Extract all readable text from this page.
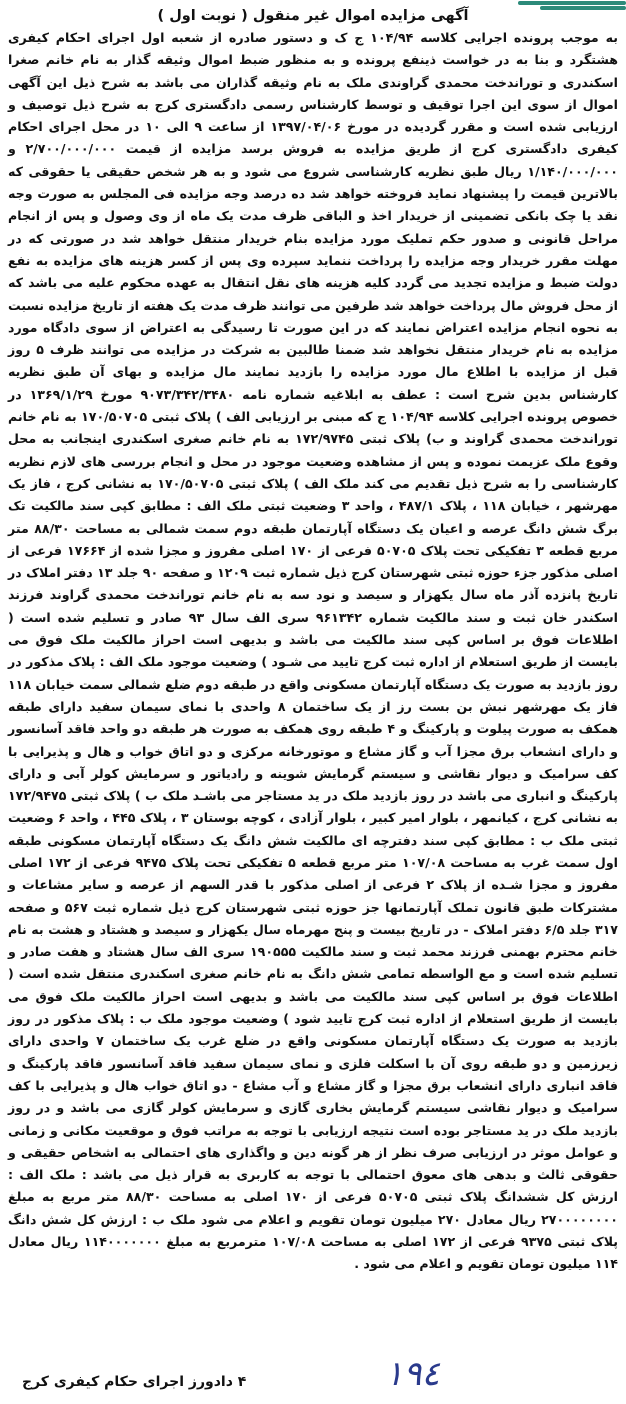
آگهی مزایده اموال غیر منقول ( نوبت اول )

به موجب پرونده اجرایی کلاسه ۱۰۴/۹۴ ج ک و دستور صادره از شعبه اول اجرای احکام کیفری هشتگرد و بنا به در خواست ذینفع پرونده و به منظور ضبط اموال وثیقه گذار به نام خانم صغرا اسکندری و توراندخت محمدی گراوندی ملک به نام وثیقه گذاران می باشد به شرح ذیل این آگهی اموال از سوی این اجرا توقیف و توسط کارشناس رسمی دادگستری کرج به شرح ذیل توصیف و ارزیابی شده است و مقرر گردیده در مورخ ۱۳۹۷/۰۴/۰۶ از ساعت ۹ الی ۱۰ در محل اجرای احکام کیفری دادگستری کرج از طریق مزایده به فروش برسد مزایده از قیمت ۲/۷۰۰/۰۰۰/۰۰۰ و ۱/۱۴۰/۰۰۰/۰۰۰ ریال طبق نظریه کارشناسی شروع می شود و به هر شخص حقیقی یا حقوقی که بالاترین قیمت را پیشنهاد نماید فروخته خواهد شد ده درصد وجه مزایده فی المجلس به صورت وجه نقد یا چک بانکی تضمینی از خریدار اخذ و الباقی ظرف مدت یک ماه از وی وصول و پس از انجام مراحل قانونی و صدور حکم تملیک مورد مزایده بنام خریدار منتقل خواهد شد در صورتی که در مهلت مقرر خریدار وجه مزایده را پرداخت ننماید سپرده وی پس از کسر هزینه های مزایده به نفع دولت ضبط و مزایده تجدید می گردد کلیه هزینه های نقل انتقال به عهده محکوم علیه می باشد که از محل فروش مال پرداخت خواهد شد طرفین می توانند ظرف مدت یک هفته از تاریخ مزایده نسبت به نحوه انجام مزایده اعتراض نمایند که در این صورت تا رسیدگی به اعتراض از سوی دادگاه مورد مزایده به نام خریدار منتقل نخواهد شد ضمنا طالبین به شرکت در مزایده می توانند ظرف ۵ روز قبل از مزایده با اطلاع مال مورد مزایده را بازدید نمایند مال مزایده و بهای آن طبق نظریه کارشناس بدین شرح است : عطف به ابلاغیه شماره نامه ۹۰۷۳/۳۴۲/۳۴۸۰ مورخ ۱۳۶۹/۱/۲۹ در خصوص پرونده اجرایی کلاسه ۱۰۴/۹۴ ج که مبنی بر ارزیابی الف ) پلاک ثبتی ۱۷۰/۵۰۷۰۵ به نام خانم توراندخت محمدی گراوند و ب) پلاک ثبتی ۱۷۲/۹۷۴۵ به نام خانم صغری اسکندری اینجانب به محل وقوع ملک عزیمت نموده و پس از مشاهده وضعیت موجود در محل و انجام بررسی های لازم نظریه کارشناسی را به شرح ذیل تقدیم می کند ملک الف ) پلاک ثبتی ۱۷۰/۵۰۷۰۵ به نشانی کرج ، فاز یک مهرشهر ، خیابان ۱۱۸ ، پلاک ۴۸۷/۱ ، واحد ۳ وضعیت ثبتی ملک الف : مطابق کپی سند مالکیت تک برگ شش دانگ عرصه و اعیان یک دستگاه آپارتمان طبقه دوم سمت شمالی به مساحت ۸۸/۳۰ متر مربع قطعه ۳ تفکیکی تحت پلاک ۵۰۷۰۵ فرعی از ۱۷۰ اصلی مفروز و مجزا شده از ۱۷۶۶۴ فرعی از اصلی مذکور جزء حوزه ثبتی شهرستان کرج ذیل شماره ثبت ۱۲۰۹ و صفحه ۹۰ جلد ۱۳ دفتر املاک در تاریخ پانزده آذر ماه سال یکهزار و سیصد و نود سه به نام خانم توراندخت محمدی گراوند فرزند اسکندر خان ثبت و سند مالکیت شماره ۹۶۱۳۴۲ سری الف سال ۹۳ صادر و تسلیم شده است ( اطلاعات فوق بر اساس کپی سند مالکیت می باشد و بدیهی است احراز مالکیت ملک فوق می بایست از طریق استعلام از اداره ثبت کرج تایید می شـود ) وضعیت موجود ملک الف : پلاک مذکور در روز بازدید به صورت یک دستگاه آپارتمان مسکونی واقع در طبقه دوم ضلع شمالی سمت خیابان ۱۱۸ فاز یک مهرشهر نبش بن بست رز از یک ساختمان ۸ واحدی با نمای سیمان سفید دارای طبقه همکف به صورت پیلوت و پارکینگ و ۴ طبقه روی همکف به صورت هر طبقه دو واحد فاقد آسانسور و دارای انشعاب برق مجزا آب و گاز مشاع و موتورخانه مرکزی و دو اتاق خواب و هال و پذیرایی با کف سرامیک و دیوار نقاشی و سیستم گرمایش شوینه و رادیاتور و سرمایش کولر آبی و دارای پارکینگ و انباری می باشد در روز بازدید ملک در ید مستاجر می باشـد ملک ب ) پلاک ثبتی ۱۷۲/۹۴۷۵ به نشانی کرج ، کیانمهر ، بلوار امیر کبیر ، بلوار آزادی ، کوچه بوستان ۳ ، پلاک ۴۴۵ ، واحد ۶ وضعیت ثبتی ملک ب : مطابق کپی سند دفترچه ای مالکیت شش دانگ یک دستگاه آپارتمان مسکونی طبقه اول سمت غرب به مساحت ۱۰۷/۰۸ متر مربع قطعه ۵ تفکیکی تحت پلاک ۹۴۷۵ فرعی از ۱۷۲ اصلی مفروز و مجزا شـده از پلاک ۲ فرعی از اصلی مذکور با قدر السهم از عرصه و سایر مشاعات و مشترکات طبق قانون تملک آپارتمانها جز حوزه ثبتی شهرستان کرج ذیل شماره ثبت ۵۶۷ و صفحه ۳۱۷ جلد ۶/۵ دفتر املاک - در تاریخ بیست و پنج مهرماه سال یکهزار و سیصد و هشتاد و هشت به نام خانم محترم بهمنی فرزند محمد ثبت و سند مالکیت ۱۹۰۵۵۵ سری الف سال هشتاد و هفت صادر و تسلیم شده است و مع الواسطه تمامی شش دانگ به نام خانم صغری اسکندری منتقل شده است ( اطلاعات فوق بر اساس کپی سند مالکیت می باشد و بدیهی است احراز مالکیت ملک فوق می بایست از طریق استعلام از اداره ثبت کرج تایید شود ) وضعیت موجود ملک ب : پلاک مذکور در روز بازدید به صورت یک دستگاه آپارتمان مسکونی واقع در ضلع غرب یک ساختمان ۷ واحدی دارای زیرزمین و دو طبقه روی آن با اسکلت فلزی و نمای سیمان سفید فاقد آسانسور فاقد پارکینگ و فاقد انباری دارای انشعاب برق مجزا و گاز مشاع و آب مشاع - دو اتاق خواب هال و پذیرایی با کف سرامیک و دیوار نقاشی سیستم گرمایش بخاری گازی و سرمایش کولر گازی می باشد و در روز بازدید ملک در ید مستاجر بوده است نتیجه ارزیابی با توجه به مراتب فوق و موقعیت مکانی و زمانی و عوامل موثر در ارزیابی صرف نظر از هر گونه دین و واگذاری های احتمالی به اشخاص حقیقی و حقوقی ثالث و بدهی های معوق احتمالی با توجه به کاربری به قرار ذیل می باشد : ملک الف : ارزش کل ششدانگ پلاک ثبتی ۵۰۷۰۵ فرعی از ۱۷۰ اصلی به مساحت ۸۸/۳۰ متر مربع به مبلغ ۲۷۰۰۰۰۰۰۰۰ ریال معادل ۲۷۰ میلیون تومان تقویم و اعلام می شود ملک ب : ارزش کل شش دانگ پلاک ثبتی ۹۳۷۵ فرعی از ۱۷۲ اصلی به مساحت ۱۰۷/۰۸ مترمربع به مبلغ ۱۱۴۰۰۰۰۰۰۰ ریال معادل ۱۱۴ میلیون تومان تقویم و اعلام می شود .

۱۹٤
۴ دادورز اجرای حکام کیفری کرج
